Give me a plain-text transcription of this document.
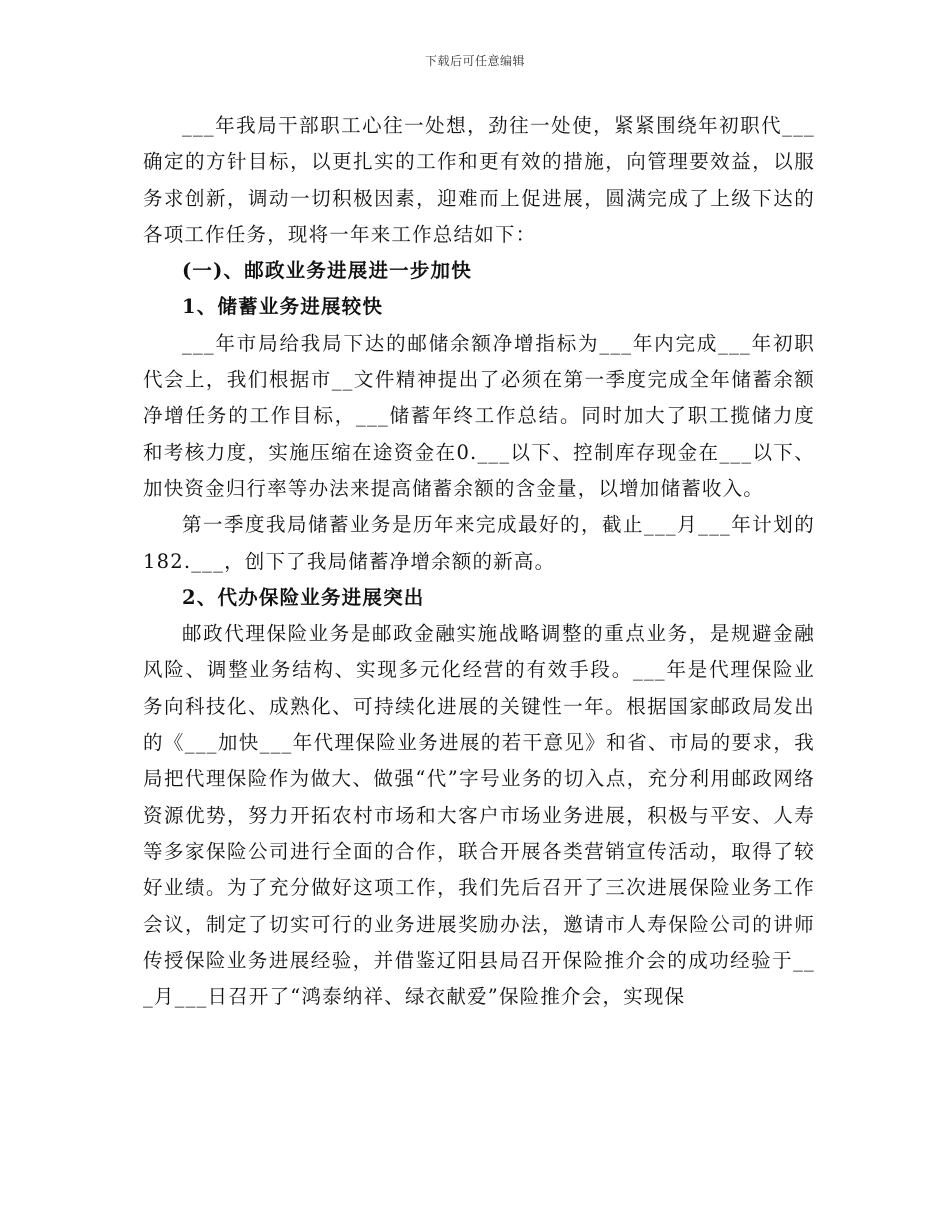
下载后可任意编辑

___年我局干部职工心往一处想，劲往一处使，紧紧围绕年初职代___确定的方针目标，以更扎实的工作和更有效的措施，向管理要效益，以服务求创新，调动一切积极因素，迎难而上促进展，圆满完成了上级下达的各项工作任务，现将一年来工作总结如下：

(一)、邮政业务进展进一步加快

1、储蓄业务进展较快

___年市局给我局下达的邮储余额净增指标为___年内完成___年初职代会上，我们根据市__文件精神提出了必须在第一季度完成全年储蓄余额净增任务的工作目标，___储蓄年终工作总结。同时加大了职工揽储力度和考核力度，实施压缩在途资金在0.___以下、控制库存现金在___以下、加快资金归行率等办法来提高储蓄余额的含金量，以增加储蓄收入。

第一季度我局储蓄业务是历年来完成最好的，截止___月___年计划的182.___，创下了我局储蓄净增余额的新高。

2、代办保险业务进展突出

邮政代理保险业务是邮政金融实施战略调整的重点业务，是规避金融风险、调整业务结构、实现多元化经营的有效手段。___年是代理保险业务向科技化、成熟化、可持续化进展的关键性一年。根据国家邮政局发出的《___加快___年代理保险业务进展的若干意见》和省、市局的要求，我局把代理保险作为做大、做强“代”字号业务的切入点，充分利用邮政网络资源优势，努力开拓农村市场和大客户市场业务进展，积极与平安、人寿等多家保险公司进行全面的合作，联合开展各类营销宣传活动，取得了较好业绩。为了充分做好这项工作，我们先后召开了三次进展保险业务工作会议，制定了切实可行的业务进展奖励办法，邀请市人寿保险公司的讲师传授保险业务进展经验，并借鉴辽阳县局召开保险推介会的成功经验于___月___日召开了“鸿泰纳祥、绿衣献爱”保险推介会，实现保
